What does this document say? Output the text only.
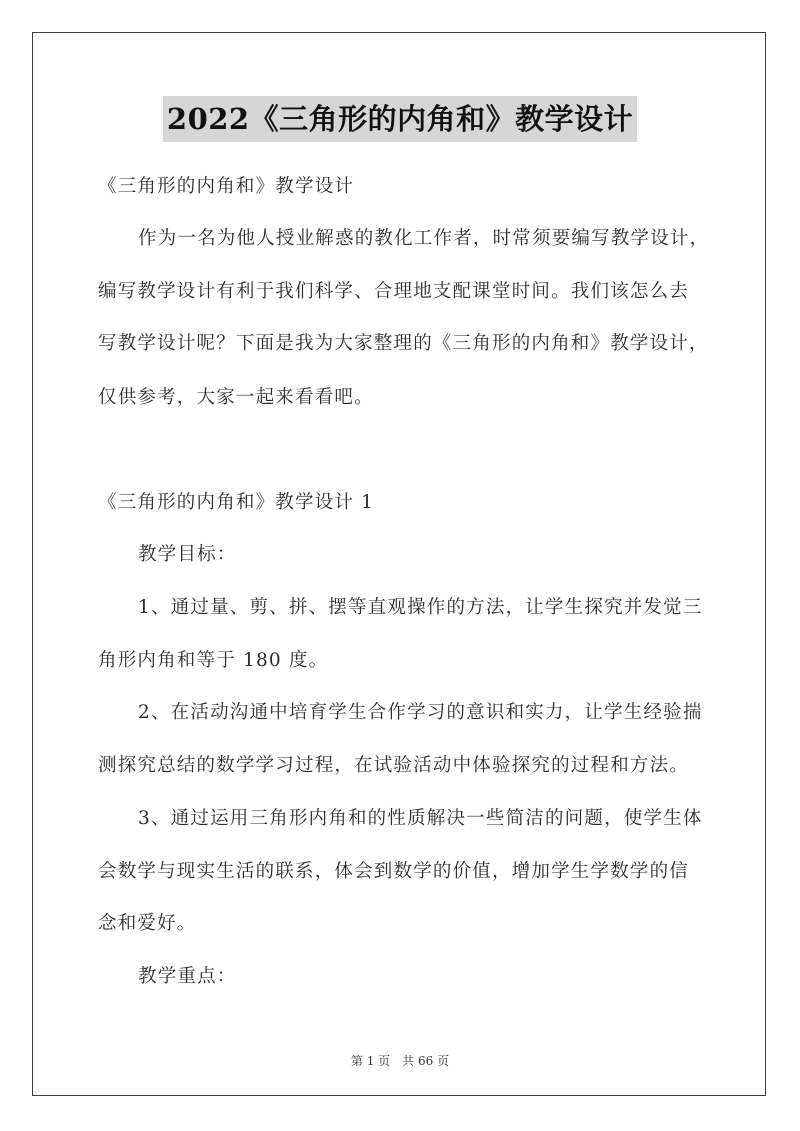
2022《三角形的内角和》教学设计
《三角形的内角和》教学设计
作为一名为他人授业解惑的教化工作者，时常须要编写教学设计，
编写教学设计有利于我们科学、合理地支配课堂时间。我们该怎么去
写教学设计呢？下面是我为大家整理的《三角形的内角和》教学设计，
仅供参考，大家一起来看看吧。
《三角形的内角和》教学设计 1
教学目标：
1、通过量、剪、拼、摆等直观操作的方法，让学生探究并发觉三
角形内角和等于 180 度。
2、在活动沟通中培育学生合作学习的意识和实力，让学生经验揣
测探究总结的数学学习过程，在试验活动中体验探究的过程和方法。
3、通过运用三角形内角和的性质解决一些简洁的问题，使学生体
会数学与现实生活的联系，体会到数学的价值，增加学生学数学的信
念和爱好。
教学重点：
第 1 页　共 66 页
